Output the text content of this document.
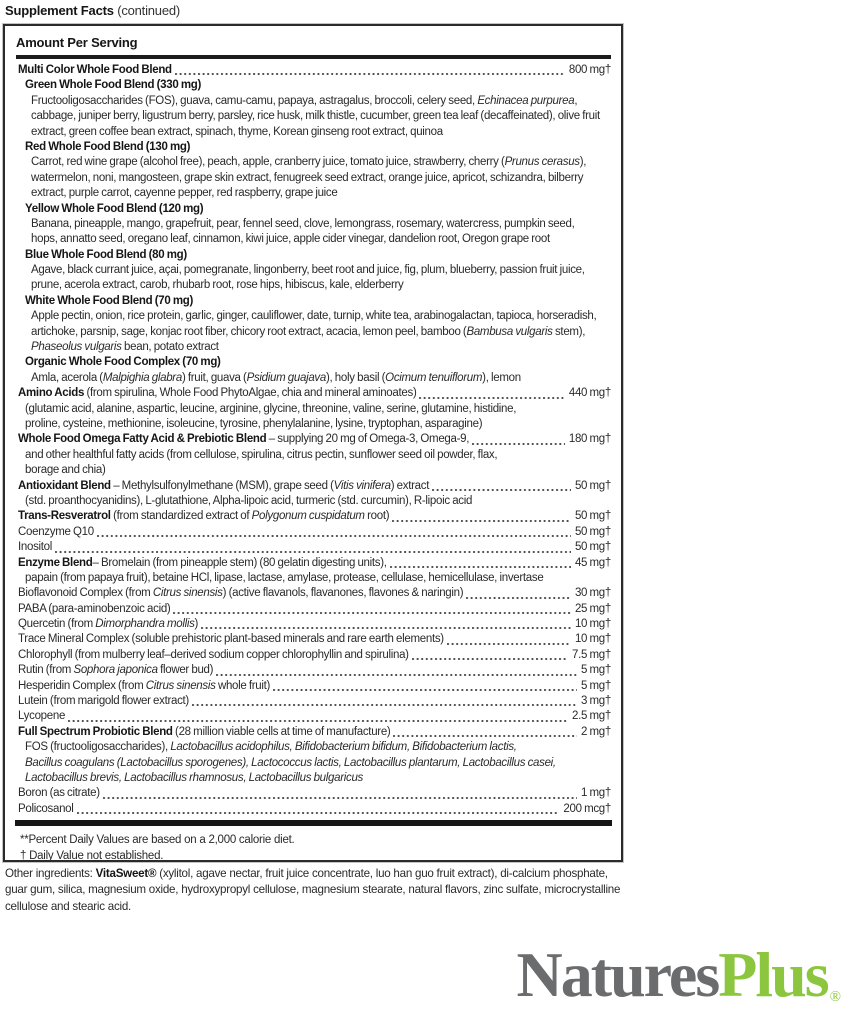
Supplement Facts (continued)
Amount Per Serving
Multi Color Whole Food Blend	800 mg†
Green Whole Food Blend (330 mg)
Fructooligosaccharides (FOS), guava, camu-camu, papaya, astragalus, broccoli, celery seed, Echinacea purpurea,
cabbage, juniper berry, ligustrum berry, parsley, rice husk, milk thistle, cucumber, green tea leaf (decaffeinated), olive fruit
extract, green coffee bean extract, spinach, thyme, Korean ginseng root extract, quinoa
Red Whole Food Blend (130 mg)
Carrot, red wine grape (alcohol free), peach, apple, cranberry juice, tomato juice, strawberry, cherry (Prunus cerasus),
watermelon, noni, mangosteen, grape skin extract, fenugreek seed extract, orange juice, apricot, schizandra, bilberry
extract, purple carrot, cayenne pepper, red raspberry, grape juice
Yellow Whole Food Blend (120 mg)
Banana, pineapple, mango, grapefruit, pear, fennel seed, clove, lemongrass, rosemary, watercress, pumpkin seed,
hops, annatto seed, oregano leaf, cinnamon, kiwi juice, apple cider vinegar, dandelion root, Oregon grape root
Blue Whole Food Blend (80 mg)
Agave, black currant juice, açai, pomegranate, lingonberry, beet root and juice, fig, plum, blueberry, passion fruit juice,
prune, acerola extract, carob, rhubarb root, rose hips, hibiscus, kale, elderberry
White Whole Food Blend (70 mg)
Apple pectin, onion, rice protein, garlic, ginger, cauliflower, date, turnip, white tea, arabinogalactan, tapioca, horseradish,
artichoke, parsnip, sage, konjac root fiber, chicory root extract, acacia, lemon peel, bamboo (Bambusa vulgaris stem),
Phaseolus vulgaris bean, potato extract
Organic Whole Food Complex (70 mg)
Amla, acerola (Malpighia glabra) fruit, guava (Psidium guajava), holy basil (Ocimum tenuiflorum), lemon
Amino Acids (from spirulina, Whole Food PhytoAlgae, chia and mineral aminoates)	440 mg†
(glutamic acid, alanine, aspartic, leucine, arginine, glycine, threonine, valine, serine, glutamine, histidine,
proline, cysteine, methionine, isoleucine, tyrosine, phenylalanine, lysine, tryptophan, asparagine)
Whole Food Omega Fatty Acid & Prebiotic Blend – supplying 20 mg of Omega-3, Omega-9,	180 mg†
and other healthful fatty acids (from cellulose, spirulina, citrus pectin, sunflower seed oil powder, flax,
borage and chia)
Antioxidant Blend – Methylsulfonylmethane (MSM), grape seed (Vitis vinifera) extract	50 mg†
(std. proanthocyanidins), L-glutathione, Alpha-lipoic acid, turmeric (std. curcumin), R-lipoic acid
Trans-Resveratrol (from standardized extract of Polygonum cuspidatum root)	50 mg†
Coenzyme Q10	50 mg†
Inositol	50 mg†
Enzyme Blend– Bromelain (from pineapple stem) (80 gelatin digesting units),	45 mg†
papain (from papaya fruit), betaine HCl, lipase, lactase, amylase, protease, cellulase, hemicellulase, invertase
Bioflavonoid Complex (from Citrus sinensis) (active flavanols, flavanones, flavones & naringin)	30 mg†
PABA (para-aminobenzoic acid)	25 mg†
Quercetin (from Dimorphandra mollis)	10 mg†
Trace Mineral Complex (soluble prehistoric plant-based minerals and rare earth elements)	10 mg†
Chlorophyll (from mulberry leaf–derived sodium copper chlorophyllin and spirulina)	7.5 mg†
Rutin (from Sophora japonica flower bud)	5 mg†
Hesperidin Complex (from Citrus sinensis whole fruit)	5 mg†
Lutein (from marigold flower extract)	3 mg†
Lycopene	2.5 mg†
Full Spectrum Probiotic Blend (28 million viable cells at time of manufacture)	2 mg†
FOS (fructooligosaccharides), Lactobacillus acidophilus, Bifidobacterium bifidum, Bifidobacterium lactis,
Bacillus coagulans (Lactobacillus sporogenes), Lactococcus lactis, Lactobacillus plantarum, Lactobacillus casei,
Lactobacillus brevis, Lactobacillus rhamnosus, Lactobacillus bulgaricus
Boron (as citrate)	1 mg†
Policosanol	200 mcg†
**Percent Daily Values are based on a 2,000 calorie diet.
† Daily Value not established.
Other ingredients: VitaSweet® (xylitol, agave nectar, fruit juice concentrate, luo han guo fruit extract), di-calcium phosphate, guar gum, silica, magnesium oxide, hydroxypropyl cellulose, magnesium stearate, natural flavors, zinc sulfate, microcrystalline cellulose and stearic acid.
Natures Plus ®
